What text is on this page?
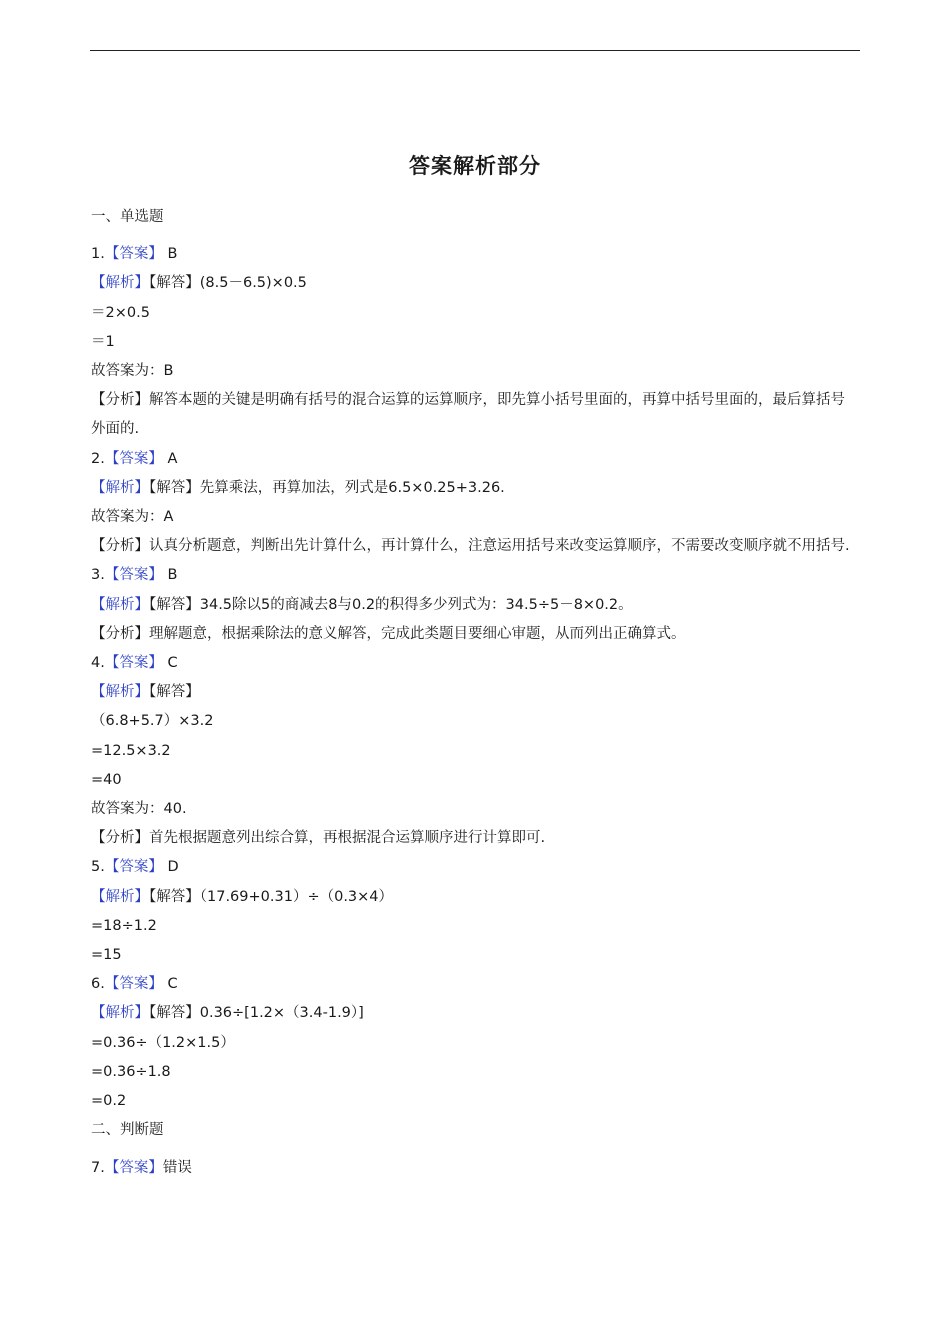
答案解析部分
一、单选题
1.【答案】 B
【解析】【解答】(8.5－6.5)×0.5
＝2×0.5
＝1
故答案为：B
【分析】解答本题的关键是明确有括号的混合运算的运算顺序，即先算小括号里面的，再算中括号里面的，最后算括号外面的.
2.【答案】 A
【解析】【解答】先算乘法，再算加法，列式是6.5×0.25+3.26.
故答案为：A
【分析】认真分析题意，判断出先计算什么，再计算什么，注意运用括号来改变运算顺序，不需要改变顺序就不用括号.
3.【答案】 B
【解析】【解答】34.5除以5的商减去8与0.2的积得多少列式为：34.5÷5－8×0.2。
【分析】理解题意，根据乘除法的意义解答，完成此类题目要细心审题，从而列出正确算式。
4.【答案】 C
【解析】【解答】
（6.8+5.7）×3.2
=12.5×3.2
=40
故答案为：40.
【分析】首先根据题意列出综合算，再根据混合运算顺序进行计算即可.
5.【答案】 D
【解析】【解答】（17.69+0.31）÷（0.3×4）
=18÷1.2
=15
6.【答案】 C
【解析】【解答】0.36÷[1.2×（3.4-1.9）]
=0.36÷（1.2×1.5）
=0.36÷1.8
=0.2
二、判断题
7.【答案】错误
